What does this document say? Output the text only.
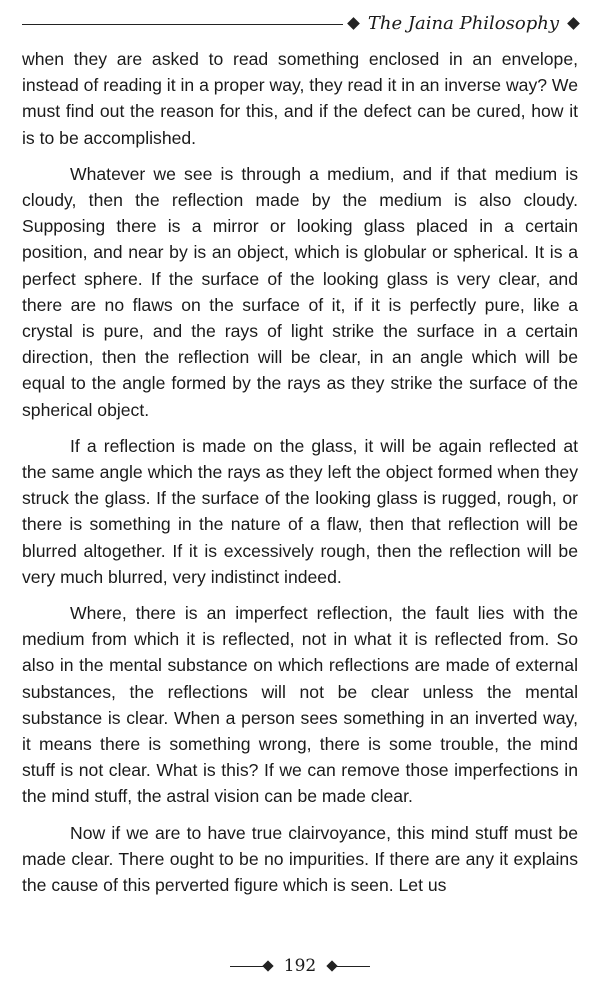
The Jaina Philosophy

when they are asked to read something enclosed in an envelope, instead of reading it in a proper way, they read it in an inverse way? We must find out the reason for this, and if the defect can be cured, how it is to be accomplished.

Whatever we see is through a medium, and if that medium is cloudy, then the reflection made by the medium is also cloudy. Supposing there is a mirror or looking glass placed in a certain position, and near by is an object, which is globular or spherical. It is a perfect sphere. If the surface of the looking glass is very clear, and there are no flaws on the surface of it, if it is perfectly pure, like a crystal is pure, and the rays of light strike the surface in a certain direction, then the reflection will be clear, in an angle which will be equal to the angle formed by the rays as they strike the surface of the spherical object.

If a reflection is made on the glass, it will be again reflected at the same angle which the rays as they left the object formed when they struck the glass. If the surface of the looking glass is rugged, rough, or there is something in the nature of a flaw, then that reflection will be blurred altogether. If it is excessively rough, then the reflection will be very much blurred, very indistinct indeed.

Where, there is an imperfect reflection, the fault lies with the medium from which it is reflected, not in what it is reflected from. So also in the mental substance on which reflections are made of external substances, the reflections will not be clear unless the mental substance is clear. When a person sees something in an inverted way, it means there is something wrong, there is some trouble, the mind stuff is not clear. What is this? If we can remove those imperfections in the mind stuff, the astral vision can be made clear.

Now if we are to have true clairvoyance, this mind stuff must be made clear. There ought to be no impurities. If there are any it explains the cause of this perverted figure which is seen. Let us

192
